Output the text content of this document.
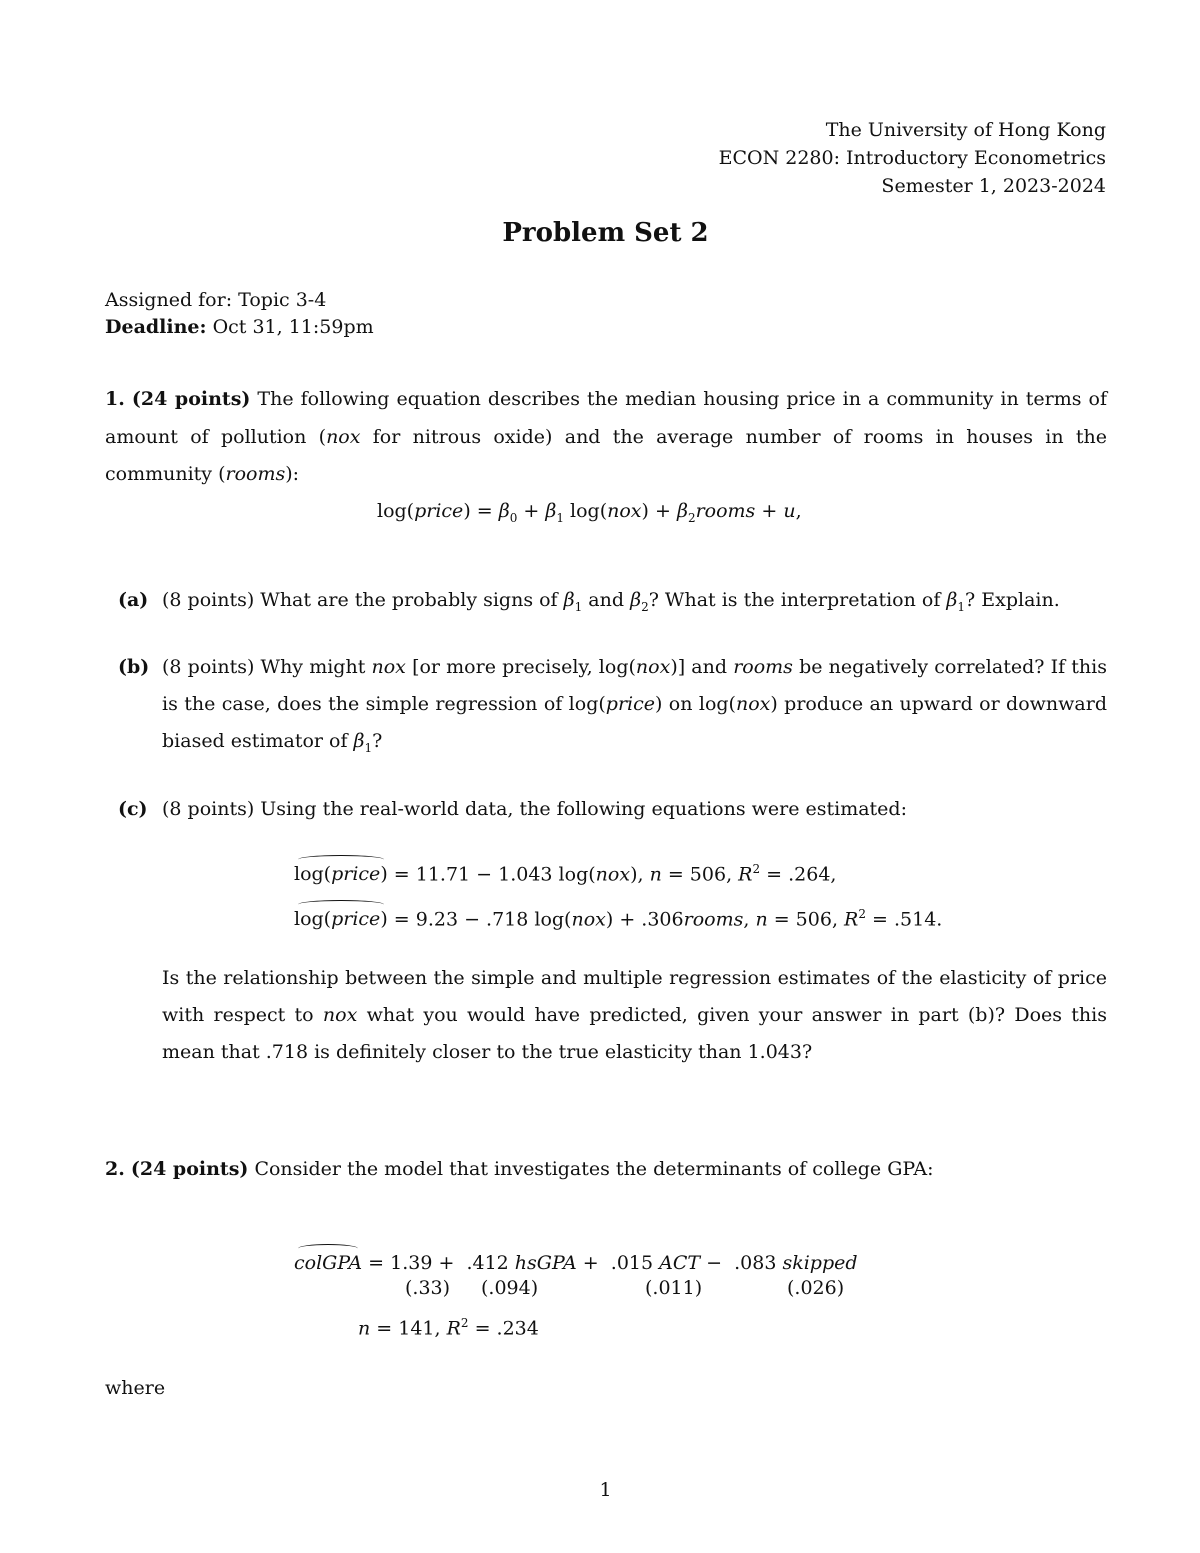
The University of Hong Kong
ECON 2280: Introductory Econometrics
Semester 1, 2023-2024
Problem Set 2
Assigned for: Topic 3-4
Deadline: Oct 31, 11:59pm
1. (24 points) The following equation describes the median housing price in a community in terms of amount of pollution (nox for nitrous oxide) and the average number of rooms in houses in the community (rooms):
log(price) = $\beta_0 + \beta_1$ $\log(nox) + \beta_2rooms + u$,
(a) (8 points) What are the probably signs of $\beta_1$ and $\beta_2$? What is the interpretation of $\beta_1$? Explain.
(b) (8 points) Why might nox [or more precisely, log(nox)] and rooms be negatively correlated? If this is the case, does the simple regression of log(price) on log(nox) produce an upward or downward biased estimator of $\beta_1$?
(c) (8 points) Using the real-world data, the following equations were estimated:
log(price) = 11.71 − 1.043 log(nox), n = 506, $R^2 = .264$,
log(price) = 9.23 − .718 log(nox) + .306rooms, n = 506, $R^2 = .514$.
Is the relationship between the simple and multiple regression estimates of the elasticity of price with respect to nox what you would have predicted, given your answer in part (b)? Does this mean that .718 is definitely closer to the true elasticity than 1.043?
2. (24 points) Consider the model that investigates the determinants of college GPA:
colGPA = 1.39 +  .412 hsGPA +  .015 ACT −  .083 skipped
(.33) (.094)	(.011)	(.026)
n = 141, $R^2 = .234$
where
1
